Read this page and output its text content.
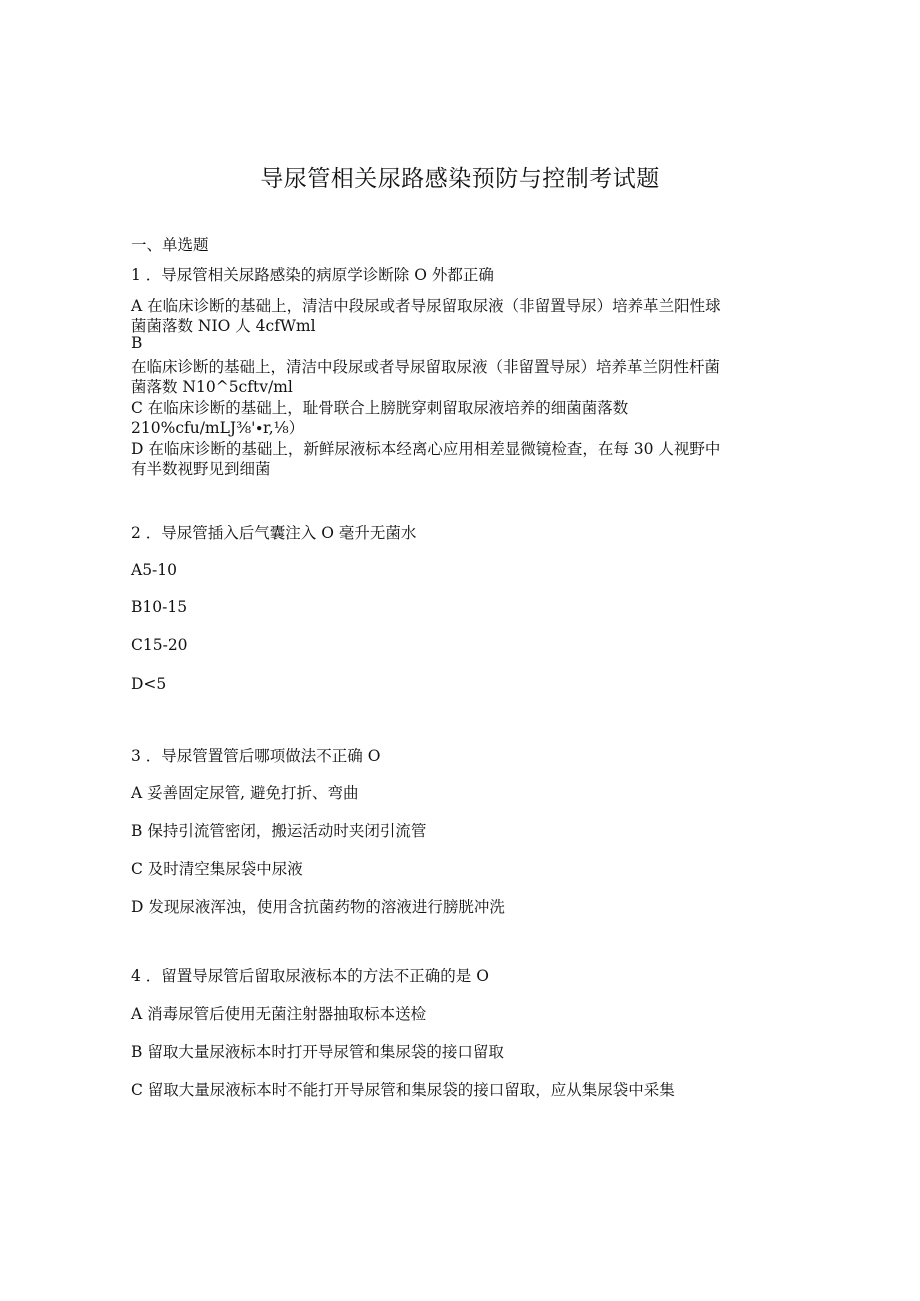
导尿管相关尿路感染预防与控制考试题
一、单选题
1 ．导尿管相关尿路感染的病原学诊断除 O 外都正确
A 在临床诊断的基础上，清洁中段尿或者导尿留取尿液（非留置导尿）培养革兰阳性球
菌菌落数 NIO 人 4cfWml
B
在临床诊断的基础上，清洁中段尿或者导尿留取尿液（非留置导尿）培养革兰阴性杆菌
菌落数 N10^5cftv/ml
C 在临床诊断的基础上，耻骨联合上膀胱穿刺留取尿液培养的细菌菌落数
210%cfu/mLJ⅜'∙r,⅛）
D 在临床诊断的基础上，新鲜尿液标本经离心应用相差显微镜检查，在每 30 人视野中
有半数视野见到细菌
2 ．导尿管插入后气囊注入 O 毫升无菌水
A5-10
B10-15
C15-20
D<5
3 ．导尿管置管后哪项做法不正确 O
A 妥善固定尿管, 避免打折、弯曲
B 保持引流管密闭，搬运活动时夹闭引流管
C 及时清空集尿袋中尿液
D 发现尿液浑浊，使用含抗菌药物的溶液进行膀胱冲洗
4 ．留置导尿管后留取尿液标本的方法不正确的是 O
A 消毒尿管后使用无菌注射器抽取标本送检
B 留取大量尿液标本时打开导尿管和集尿袋的接口留取
C 留取大量尿液标本时不能打开导尿管和集尿袋的接口留取，应从集尿袋中采集
